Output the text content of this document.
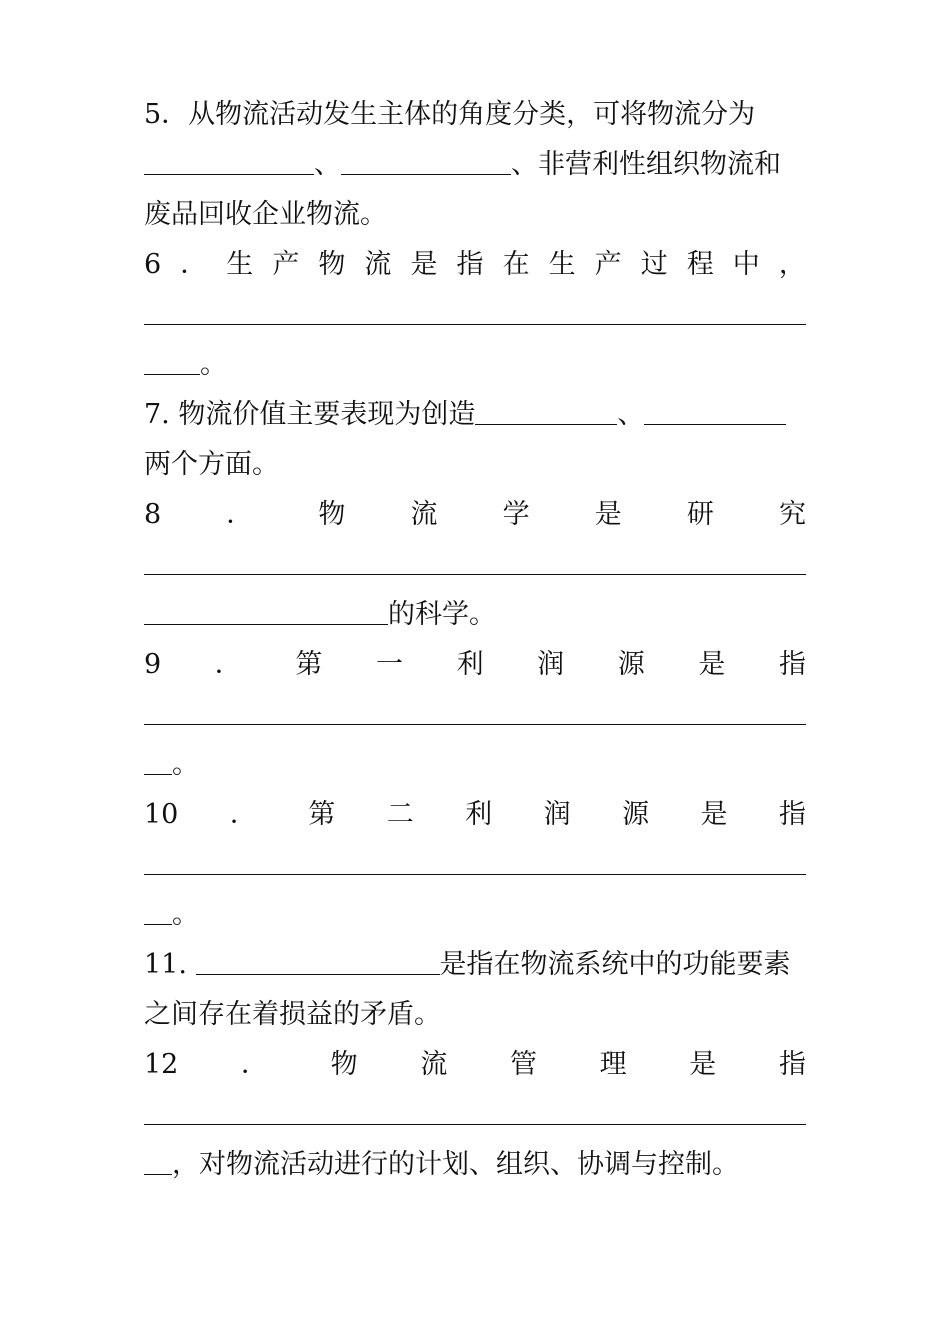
5．从物流活动发生主体的角度分类，可将物流分为
、	、非营利性组织物流和
废品回收企业物流。
6 ． 生 产 物 流 是 指 在 生 产 过 程 中 ，
。
7. 物流价值主要表现为创造	、
两个方面。
8 ． 物 流 学 是 研 究
的科学。
9 ． 第 一 利 润 源 是 指
。
10 ． 第 二 利 润 源 是 指
。
11.	是指在物流系统中的功能要素
之间存在着损益的矛盾。
12 ． 物 流 管 理 是 指
，对物流活动进行的计划、组织、协调与控制。
